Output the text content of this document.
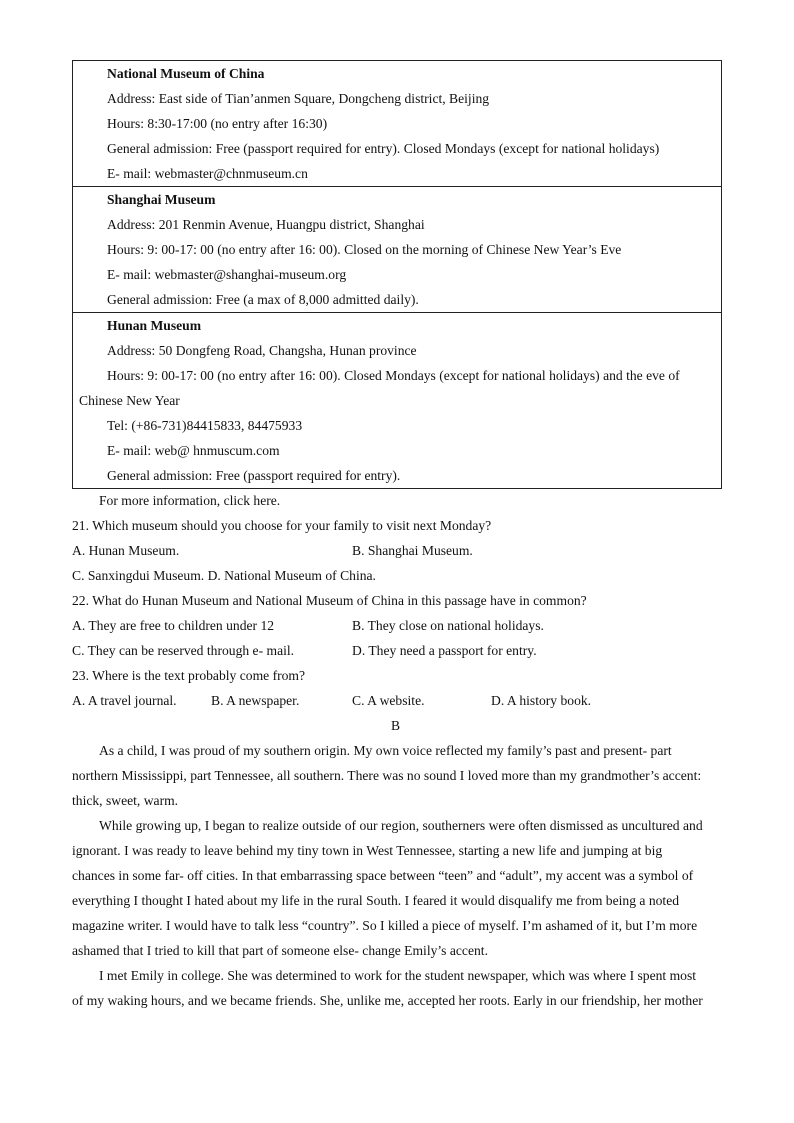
National Museum of China
Address: East side of Tian’anmen Square, Dongcheng district, Beijing
Hours: 8:30-17:00 (no entry after 16:30)
General admission: Free (passport required for entry). Closed Mondays (except for national holidays)
E- mail: webmaster@chnmuseum.cn
Shanghai Museum
Address: 201 Renmin Avenue, Huangpu district, Shanghai
Hours: 9: 00-17: 00 (no entry after 16: 00). Closed on the morning of Chinese New Year’s Eve
E- mail: webmaster@shanghai-museum.org
General admission: Free (a max of 8,000 admitted daily).
Hunan Museum
Address: 50 Dongfeng Road, Changsha, Hunan province
Hours: 9: 00-17: 00 (no entry after 16: 00). Closed Mondays (except for national holidays) and the eve of
Chinese New Year
Tel: (+86-731)84415833, 84475933
E- mail: web@ hnmuscum.com
General admission: Free (passport required for entry).
For more information, click here.
21. Which museum should you choose for your family to visit next Monday?
A. Hunan Museum.	B. Shanghai Museum.
C. Sanxingdui Museum. D. National Museum of China.
22. What do Hunan Museum and National Museum of China in this passage have in common?
A. They are free to children under 12	B. They close on national holidays.
C. They can be reserved through e- mail.	D. They need a passport for entry.
23. Where is the text probably come from?
A. A travel journal.	B. A newspaper.	C. A website.	D. A history book.
B
As a child, I was proud of my southern origin. My own voice reflected my family’s past and present- part
northern Mississippi, part Tennessee, all southern. There was no sound I loved more than my grandmother’s accent:
thick, sweet, warm.
While growing up, I began to realize outside of our region, southerners were often dismissed as uncultured and
ignorant. I was ready to leave behind my tiny town in West Tennessee, starting a new life and jumping at big
chances in some far- off cities. In that embarrassing space between “teen” and “adult”, my accent was a symbol of
everything I thought I hated about my life in the rural South. I feared it would disqualify me from being a noted
magazine writer. I would have to talk less “country”. So I killed a piece of myself. I’m ashamed of it, but I’m more
ashamed that I tried to kill that part of someone else- change Emily’s accent.
I met Emily in college. She was determined to work for the student newspaper, which was where I spent most
of my waking hours, and we became friends. She, unlike me, accepted her roots. Early in our friendship, her mother
